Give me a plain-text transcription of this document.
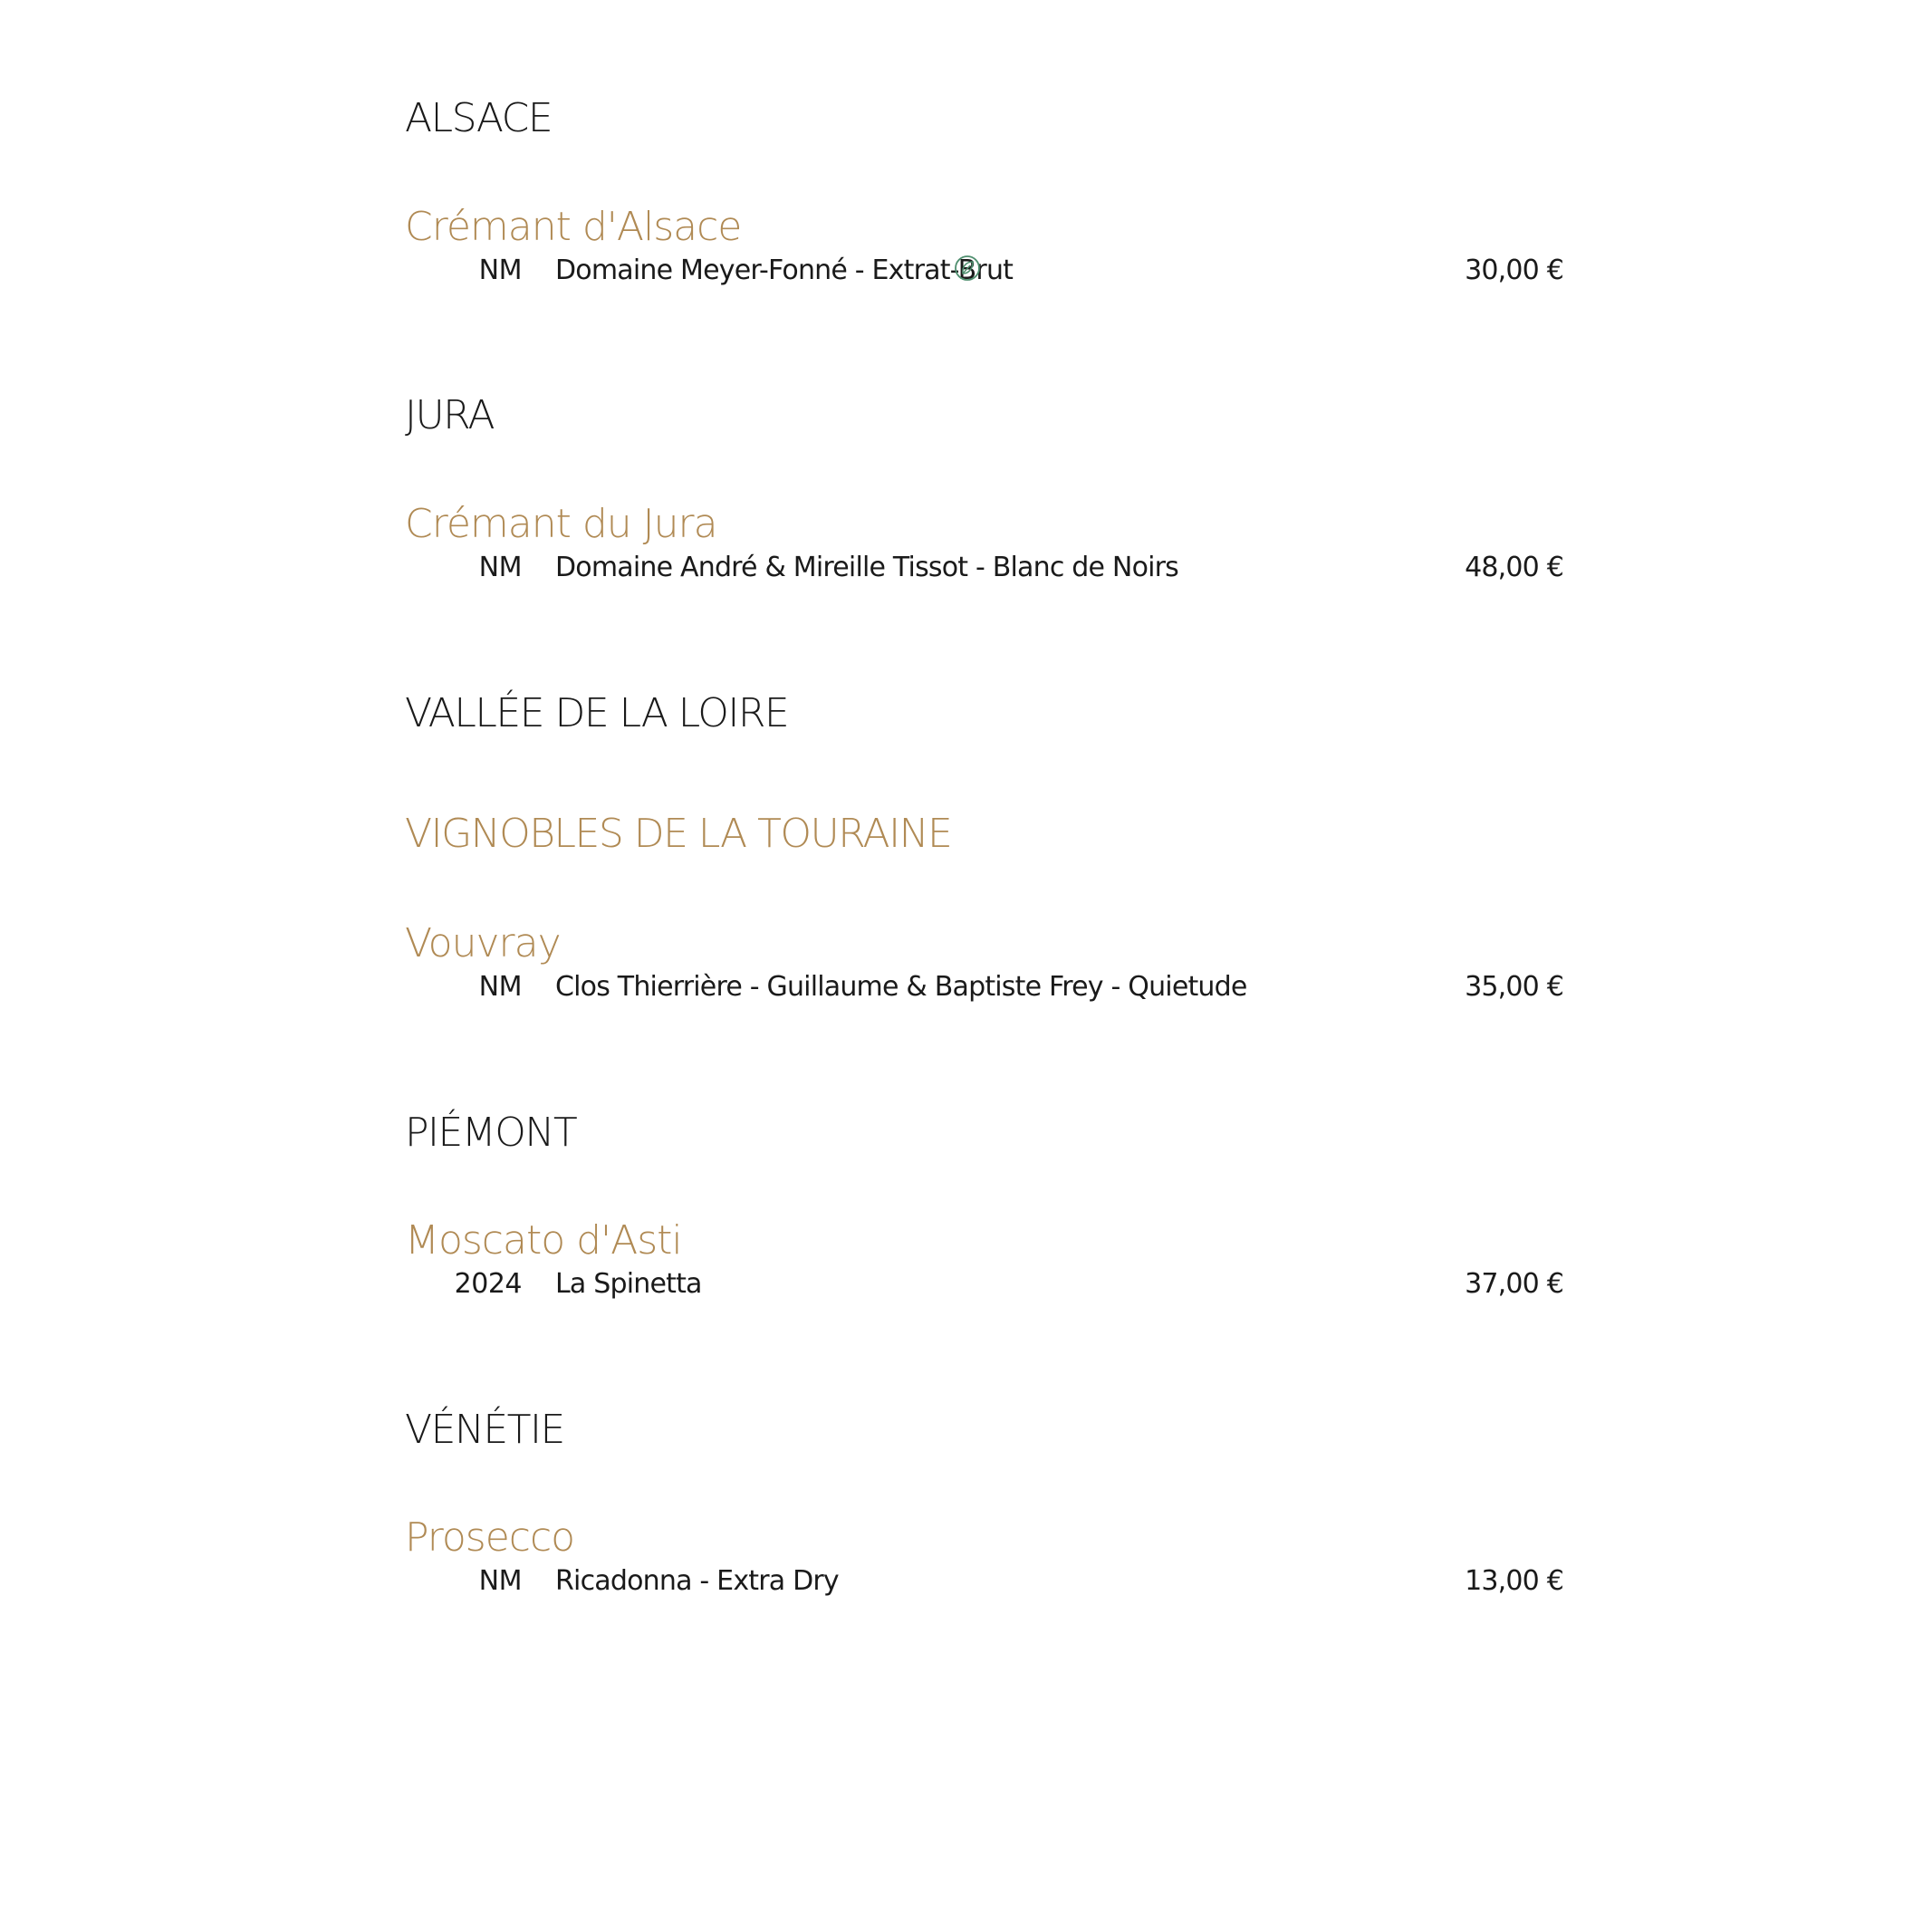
ALSACE
Crémant d'Alsace
NM Domaine Meyer-Fonné - Extrat-Brut	30,00 €
JURA
Crémant du Jura
NM Domaine André & Mireille Tissot - Blanc de Noirs	48,00 €
VALLÉE DE LA LOIRE
VIGNOBLES DE LA TOURAINE
Vouvray
NM Clos Thierrière - Guillaume & Baptiste Frey - Quietude	35,00 €
PIÉMONT
Moscato d'Asti
2024 La Spinetta	37,00 €
VÉNÉTIE
Prosecco
NM Ricadonna - Extra Dry	13,00 €
